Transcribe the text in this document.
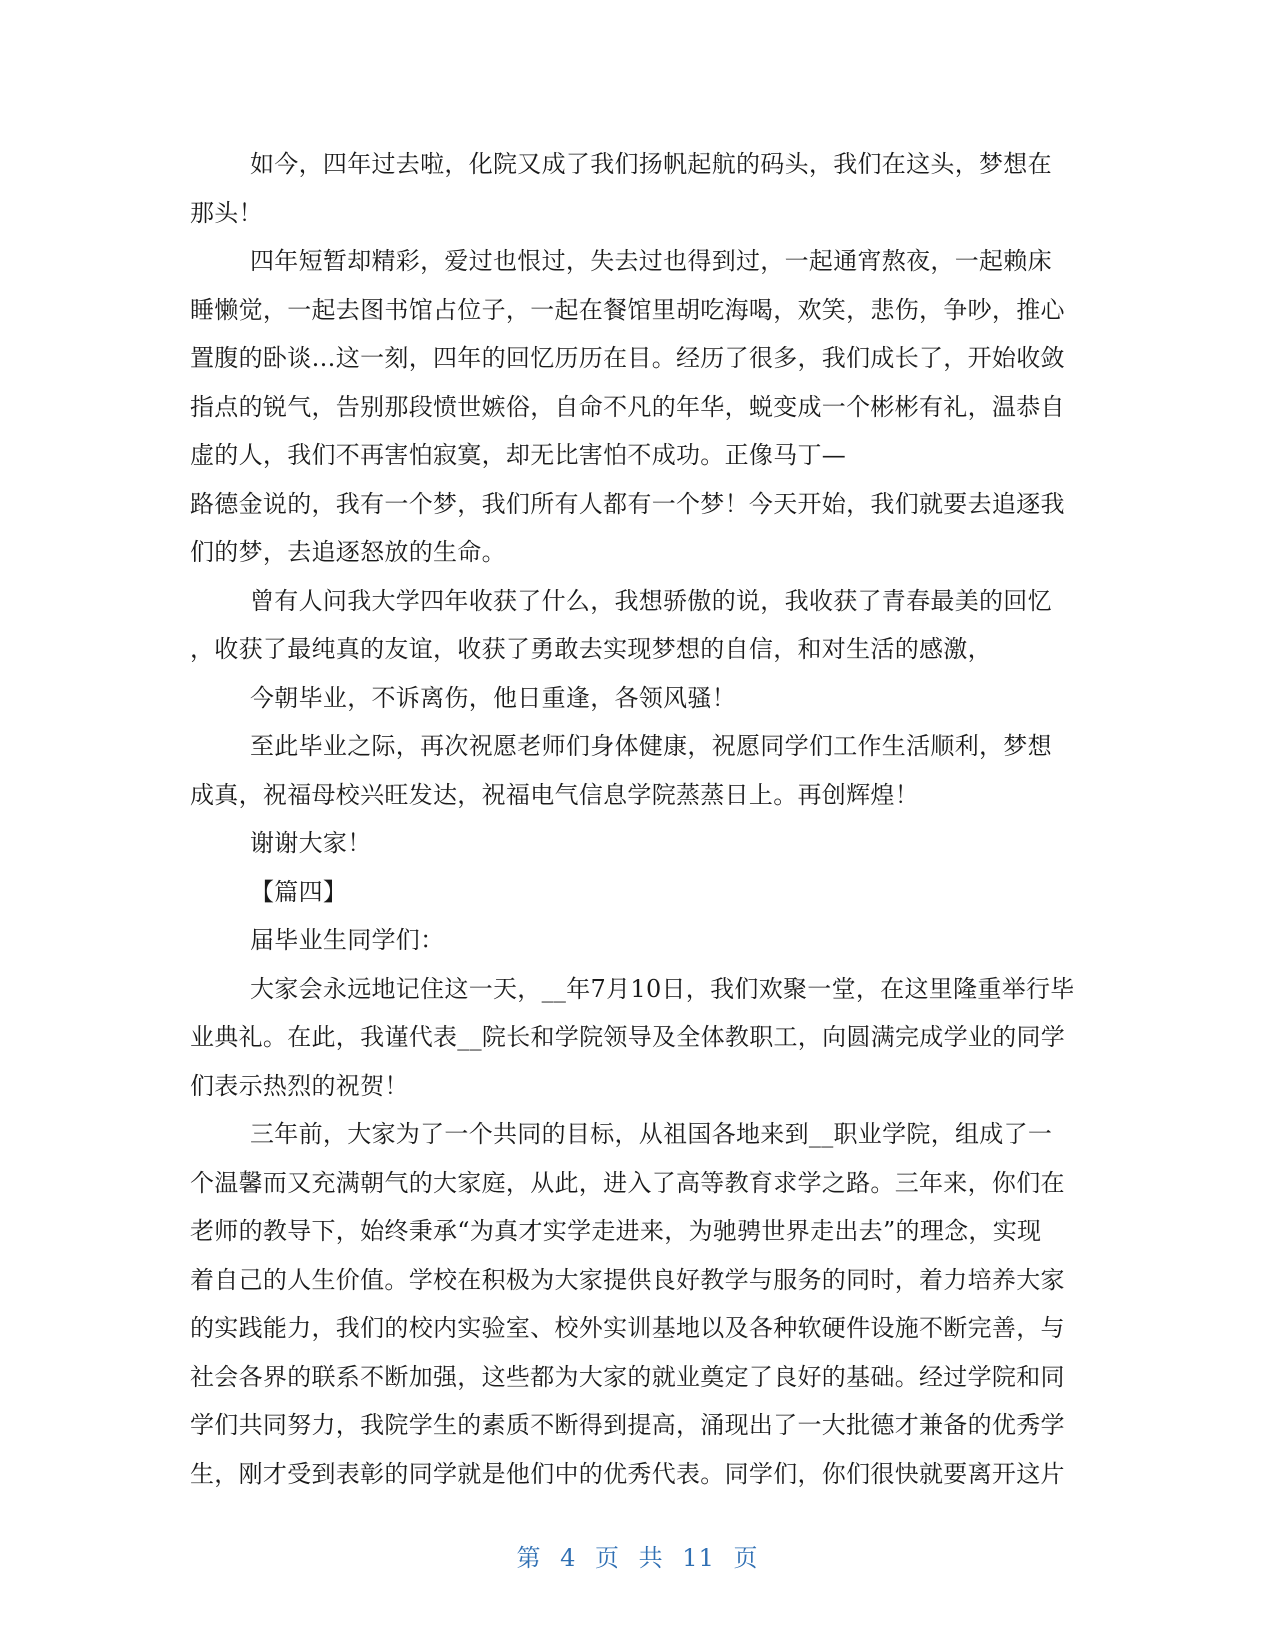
如今，四年过去啦，化院又成了我们扬帆起航的码头，我们在这头，梦想在
那头！
四年短暂却精彩，爱过也恨过，失去过也得到过，一起通宵熬夜，一起赖床
睡懒觉，一起去图书馆占位子，一起在餐馆里胡吃海喝，欢笑，悲伤，争吵，推心
置腹的卧谈…这一刻，四年的回忆历历在目。经历了很多，我们成长了，开始收敛
指点的锐气，告别那段愤世嫉俗，自命不凡的年华，蜕变成一个彬彬有礼，温恭自
虚的人，我们不再害怕寂寞，却无比害怕不成功。正像马丁—
路德金说的，我有一个梦，我们所有人都有一个梦！今天开始，我们就要去追逐我
们的梦，去追逐怒放的生命。
曾有人问我大学四年收获了什么，我想骄傲的说，我收获了青春最美的回忆
，收获了最纯真的友谊，收获了勇敢去实现梦想的自信，和对生活的感激，
今朝毕业，不诉离伤，他日重逢，各领风骚！
至此毕业之际，再次祝愿老师们身体健康，祝愿同学们工作生活顺利，梦想
成真，祝福母校兴旺发达，祝福电气信息学院蒸蒸日上。再创辉煌！
谢谢大家！
【篇四】
届毕业生同学们：
大家会永远地记住这一天，__年7月10日，我们欢聚一堂，在这里隆重举行毕
业典礼。在此，我谨代表__院长和学院领导及全体教职工，向圆满完成学业的同学
们表示热烈的祝贺！
三年前，大家为了一个共同的目标，从祖国各地来到__职业学院，组成了一
个温馨而又充满朝气的大家庭，从此，进入了高等教育求学之路。三年来，你们在
老师的教导下，始终秉承“为真才实学走进来，为驰骋世界走出去”的理念，实现
着自己的人生价值。学校在积极为大家提供良好教学与服务的同时，着力培养大家
的实践能力，我们的校内实验室、校外实训基地以及各种软硬件设施不断完善，与
社会各界的联系不断加强，这些都为大家的就业奠定了良好的基础。经过学院和同
学们共同努力，我院学生的素质不断得到提高，涌现出了一大批德才兼备的优秀学
生，刚才受到表彰的同学就是他们中的优秀代表。同学们，你们很快就要离开这片
第 4 页 共 11 页
